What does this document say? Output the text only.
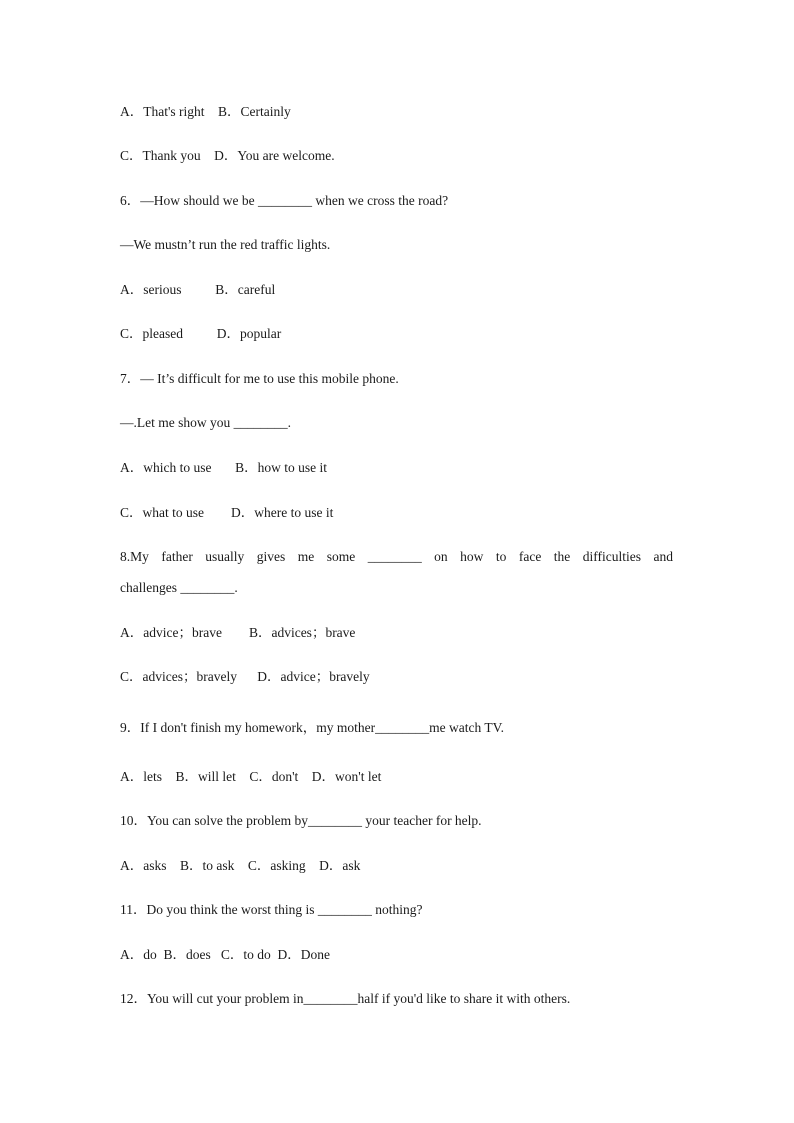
A．That's right    B．Certainly
C．Thank you    D．You are welcome.
6．—How should we be ________ when we cross the road?
—We mustn’t run the red traffic lights.
A．serious          B．careful
C．pleased          D．popular
7．— It’s difficult for me to use this mobile phone.
—.Let me show you ________.
A．which to use       B．how to use it
C．what to use        D．where to use it
8.My father usually gives me some ________ on how to face the difficulties and
challenges ________.
A．advice；brave        B．advices；brave
C．advices；bravely      D．advice；bravely
9．If I don't finish my homework，my mother________me watch TV.
A．lets    B．will let    C．don't    D．won't let
10．You can solve the problem by________ your teacher for help.
A．asks    B．to ask    C．asking    D．ask
11．Do you think the worst thing is ________ nothing?
A．do  B．does   C．to do  D．Done
12．You will cut your problem in________half if you'd like to share it with others.
